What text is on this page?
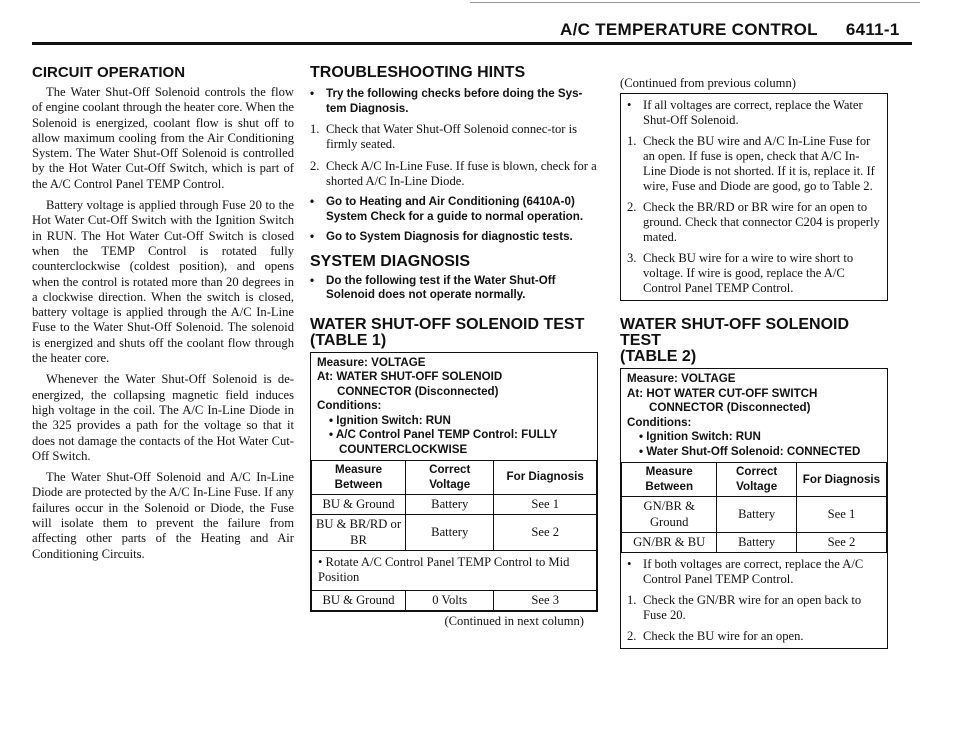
A/C TEMPERATURE CONTROL 6411-1
CIRCUIT OPERATION

The Water Shut-Off Solenoid controls the flow of engine coolant through the heater core. When the Solenoid is energized, coolant flow is shut off to allow maximum cooling from the Air Conditioning System. The Water Shut-Off Solenoid is controlled by the Hot Water Cut-Off Switch, which is part of the A/C Control Panel TEMP Control.

Battery voltage is applied through Fuse 20 to the Hot Water Cut-Off Switch with the Ignition Switch in RUN. The Hot Water Cut-Off Switch is closed when the TEMP Control is rotated fully counterclockwise (coldest position), and opens when the control is rotated more than 20 degrees in a clockwise direction. When the switch is closed, battery voltage is applied through the A/C In-Line Fuse to the Water Shut-Off Solenoid. The solenoid is energized and shuts off the coolant flow through the heater core.

Whenever the Water Shut-Off Solenoid is de-energized, the collapsing magnetic field induces high voltage in the coil. The A/C In-Line Diode in the 325 provides a path for the voltage so that it does not damage the contacts of the Hot Water Cut-Off Switch.

The Water Shut-Off Solenoid and A/C In-Line Diode are protected by the A/C In-Line Fuse. If any failures occur in the Solenoid or Diode, the Fuse will isolate them to prevent the failure from affecting other parts of the Heating and Air Conditioning Circuits.

TROUBLESHOOTING HINTS
• Try the following checks before doing the Sys-tem Diagnosis.
1. Check that Water Shut-Off Solenoid connec-tor is firmly seated.
2. Check A/C In-Line Fuse. If fuse is blown, check for a shorted A/C In-Line Diode.
• Go to Heating and Air Conditioning (6410A-0) System Check for a guide to normal operation.
• Go to System Diagnosis for diagnostic tests.
SYSTEM DIAGNOSIS
• Do the following test if the Water Shut-Off Solenoid does not operate normally.
WATER SHUT-OFF SOLENOID TEST
(TABLE 1)
Measure: VOLTAGE
At: WATER SHUT-OFF SOLENOID
CONNECTOR (Disconnected)
Conditions:
• Ignition Switch: RUN
• A/C Control Panel TEMP Control: FULLY
COUNTERCLOCKWISE
Measure Between	Correct Voltage	For Diagnosis
BU & Ground	Battery	See 1
BU & BR/RD or BR	Battery	See 2
• Rotate A/C Control Panel TEMP Control to Mid Position		
BU & Ground	0 Volts	See 3
(Continued in next column)
(Continued from previous column)
• If all voltages are correct, replace the Water Shut-Off Solenoid.
1. Check the BU wire and A/C In-Line Fuse for an open. If fuse is open, check that A/C In-Line Diode is not shorted. If it is, replace it. If wire, Fuse and Diode are good, go to Table 2.
2. Check the BR/RD or BR wire for an open to ground. Check that connector C204 is properly mated.
3. Check BU wire for a wire to wire short to voltage. If wire is good, replace the A/C Control Panel TEMP Control.
WATER SHUT-OFF SOLENOID TEST
(TABLE 2)
Measure: VOLTAGE
At: HOT WATER CUT-OFF SWITCH
CONNECTOR (Disconnected)
Conditions:
• Ignition Switch: RUN
• Water Shut-Off Solenoid: CONNECTED
Measure Between	Correct Voltage	For Diagnosis
GN/BR & Ground	Battery	See 1
GN/BR & BU	Battery	See 2
• If both voltages are correct, replace the A/C Control Panel TEMP Control.
1. Check the GN/BR wire for an open back to Fuse 20.
2. Check the BU wire for an open.
